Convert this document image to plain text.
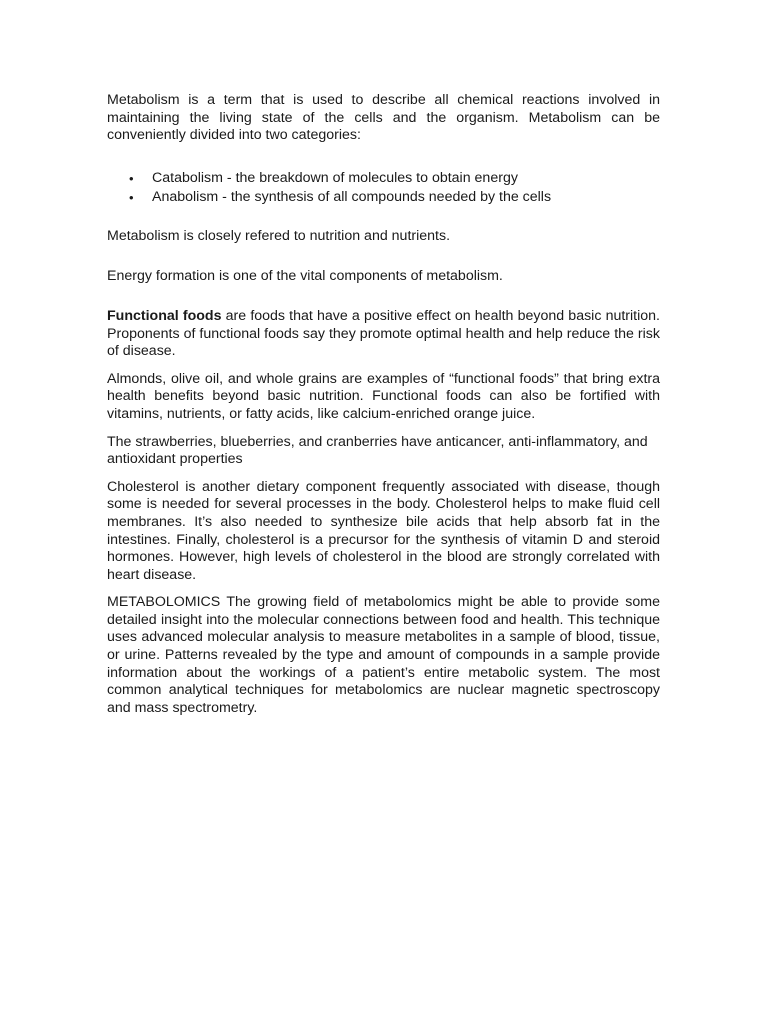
Metabolism is a term that is used to describe all chemical reactions involved in maintaining the living state of the cells and the organism. Metabolism can be conveniently divided into two categories:

• Catabolism - the breakdown of molecules to obtain energy
• Anabolism - the synthesis of all compounds needed by the cells

Metabolism is closely refered to nutrition and nutrients.

Energy formation is one of the vital components of metabolism.

Functional foods are foods that have a positive effect on health beyond basic nutrition. Proponents of functional foods say they promote optimal health and help reduce the risk of disease.

Almonds, olive oil, and whole grains are examples of “functional foods” that bring extra health benefits beyond basic nutrition. Functional foods can also be fortified with vitamins, nutrients, or fatty acids, like calcium-enriched orange juice.

The strawberries, blueberries, and cranberries have anticancer, anti-inflammatory, and antioxidant properties

Cholesterol is another dietary component frequently associated with disease, though some is needed for several processes in the body. Cholesterol helps to make fluid cell membranes. It’s also needed to synthesize bile acids that help absorb fat in the intestines. Finally, cholesterol is a precursor for the synthesis of vitamin D and steroid hormones. However, high levels of cholesterol in the blood are strongly correlated with heart disease.

METABOLOMICS The growing field of metabolomics might be able to provide some detailed insight into the molecular connections between food and health. This technique uses advanced molecular analysis to measure metabolites in a sample of blood, tissue, or urine. Patterns revealed by the type and amount of compounds in a sample provide information about the workings of a patient’s entire metabolic system. The most common analytical techniques for metabolomics are nuclear magnetic spectroscopy and mass spectrometry.
